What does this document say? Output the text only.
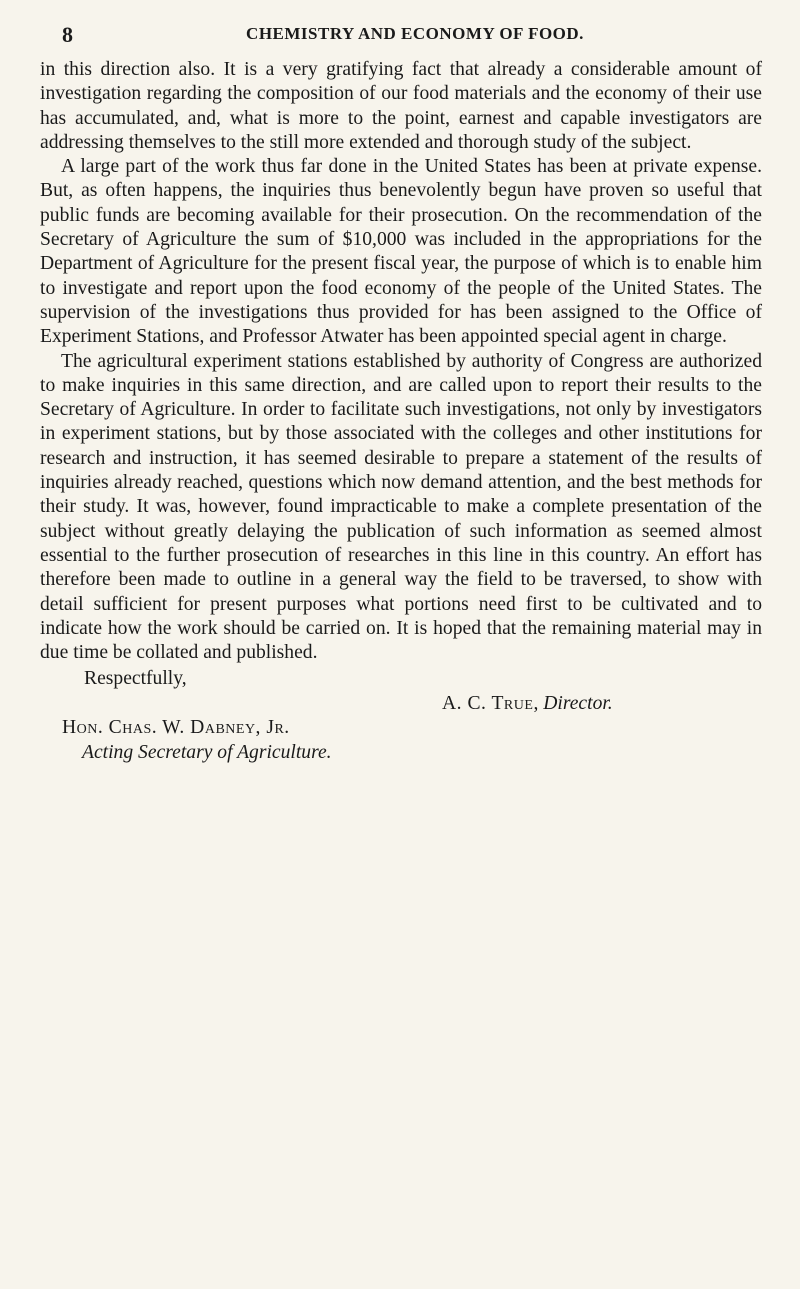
8	CHEMISTRY AND ECONOMY OF FOOD.

in this direction also. It is a very gratifying fact that already a considerable amount of investigation regarding the composition of our food materials and the economy of their use has accumulated, and, what is more to the point, earnest and capable investigators are addressing themselves to the still more extended and thorough study of the subject.

A large part of the work thus far done in the United States has been at private expense. But, as often happens, the inquiries thus benevolently begun have proven so useful that public funds are becoming available for their prosecution. On the recommendation of the Secretary of Agriculture the sum of $10,000 was included in the appropriations for the Department of Agriculture for the present fiscal year, the purpose of which is to enable him to investigate and report upon the food economy of the people of the United States. The supervision of the investigations thus provided for has been assigned to the Office of Experiment Stations, and Professor Atwater has been appointed special agent in charge.

The agricultural experiment stations established by authority of Congress are authorized to make inquiries in this same direction, and are called upon to report their results to the Secretary of Agriculture. In order to facilitate such investigations, not only by investigators in experiment stations, but by those associated with the colleges and other institutions for research and instruction, it has seemed desirable to prepare a statement of the results of inquiries already reached, questions which now demand attention, and the best methods for their study. It was, however, found impracticable to make a complete presentation of the subject without greatly delaying the publication of such information as seemed almost essential to the further prosecution of researches in this line in this country. An effort has therefore been made to outline in a general way the field to be traversed, to show with detail sufficient for present purposes what portions need first to be cultivated and to indicate how the work should be carried on. It is hoped that the remaining material may in due time be collated and published.

Respectfully,
A. C. True, Director.
Hon. Chas. W. Dabney, Jr.
Acting Secretary of Agriculture.
